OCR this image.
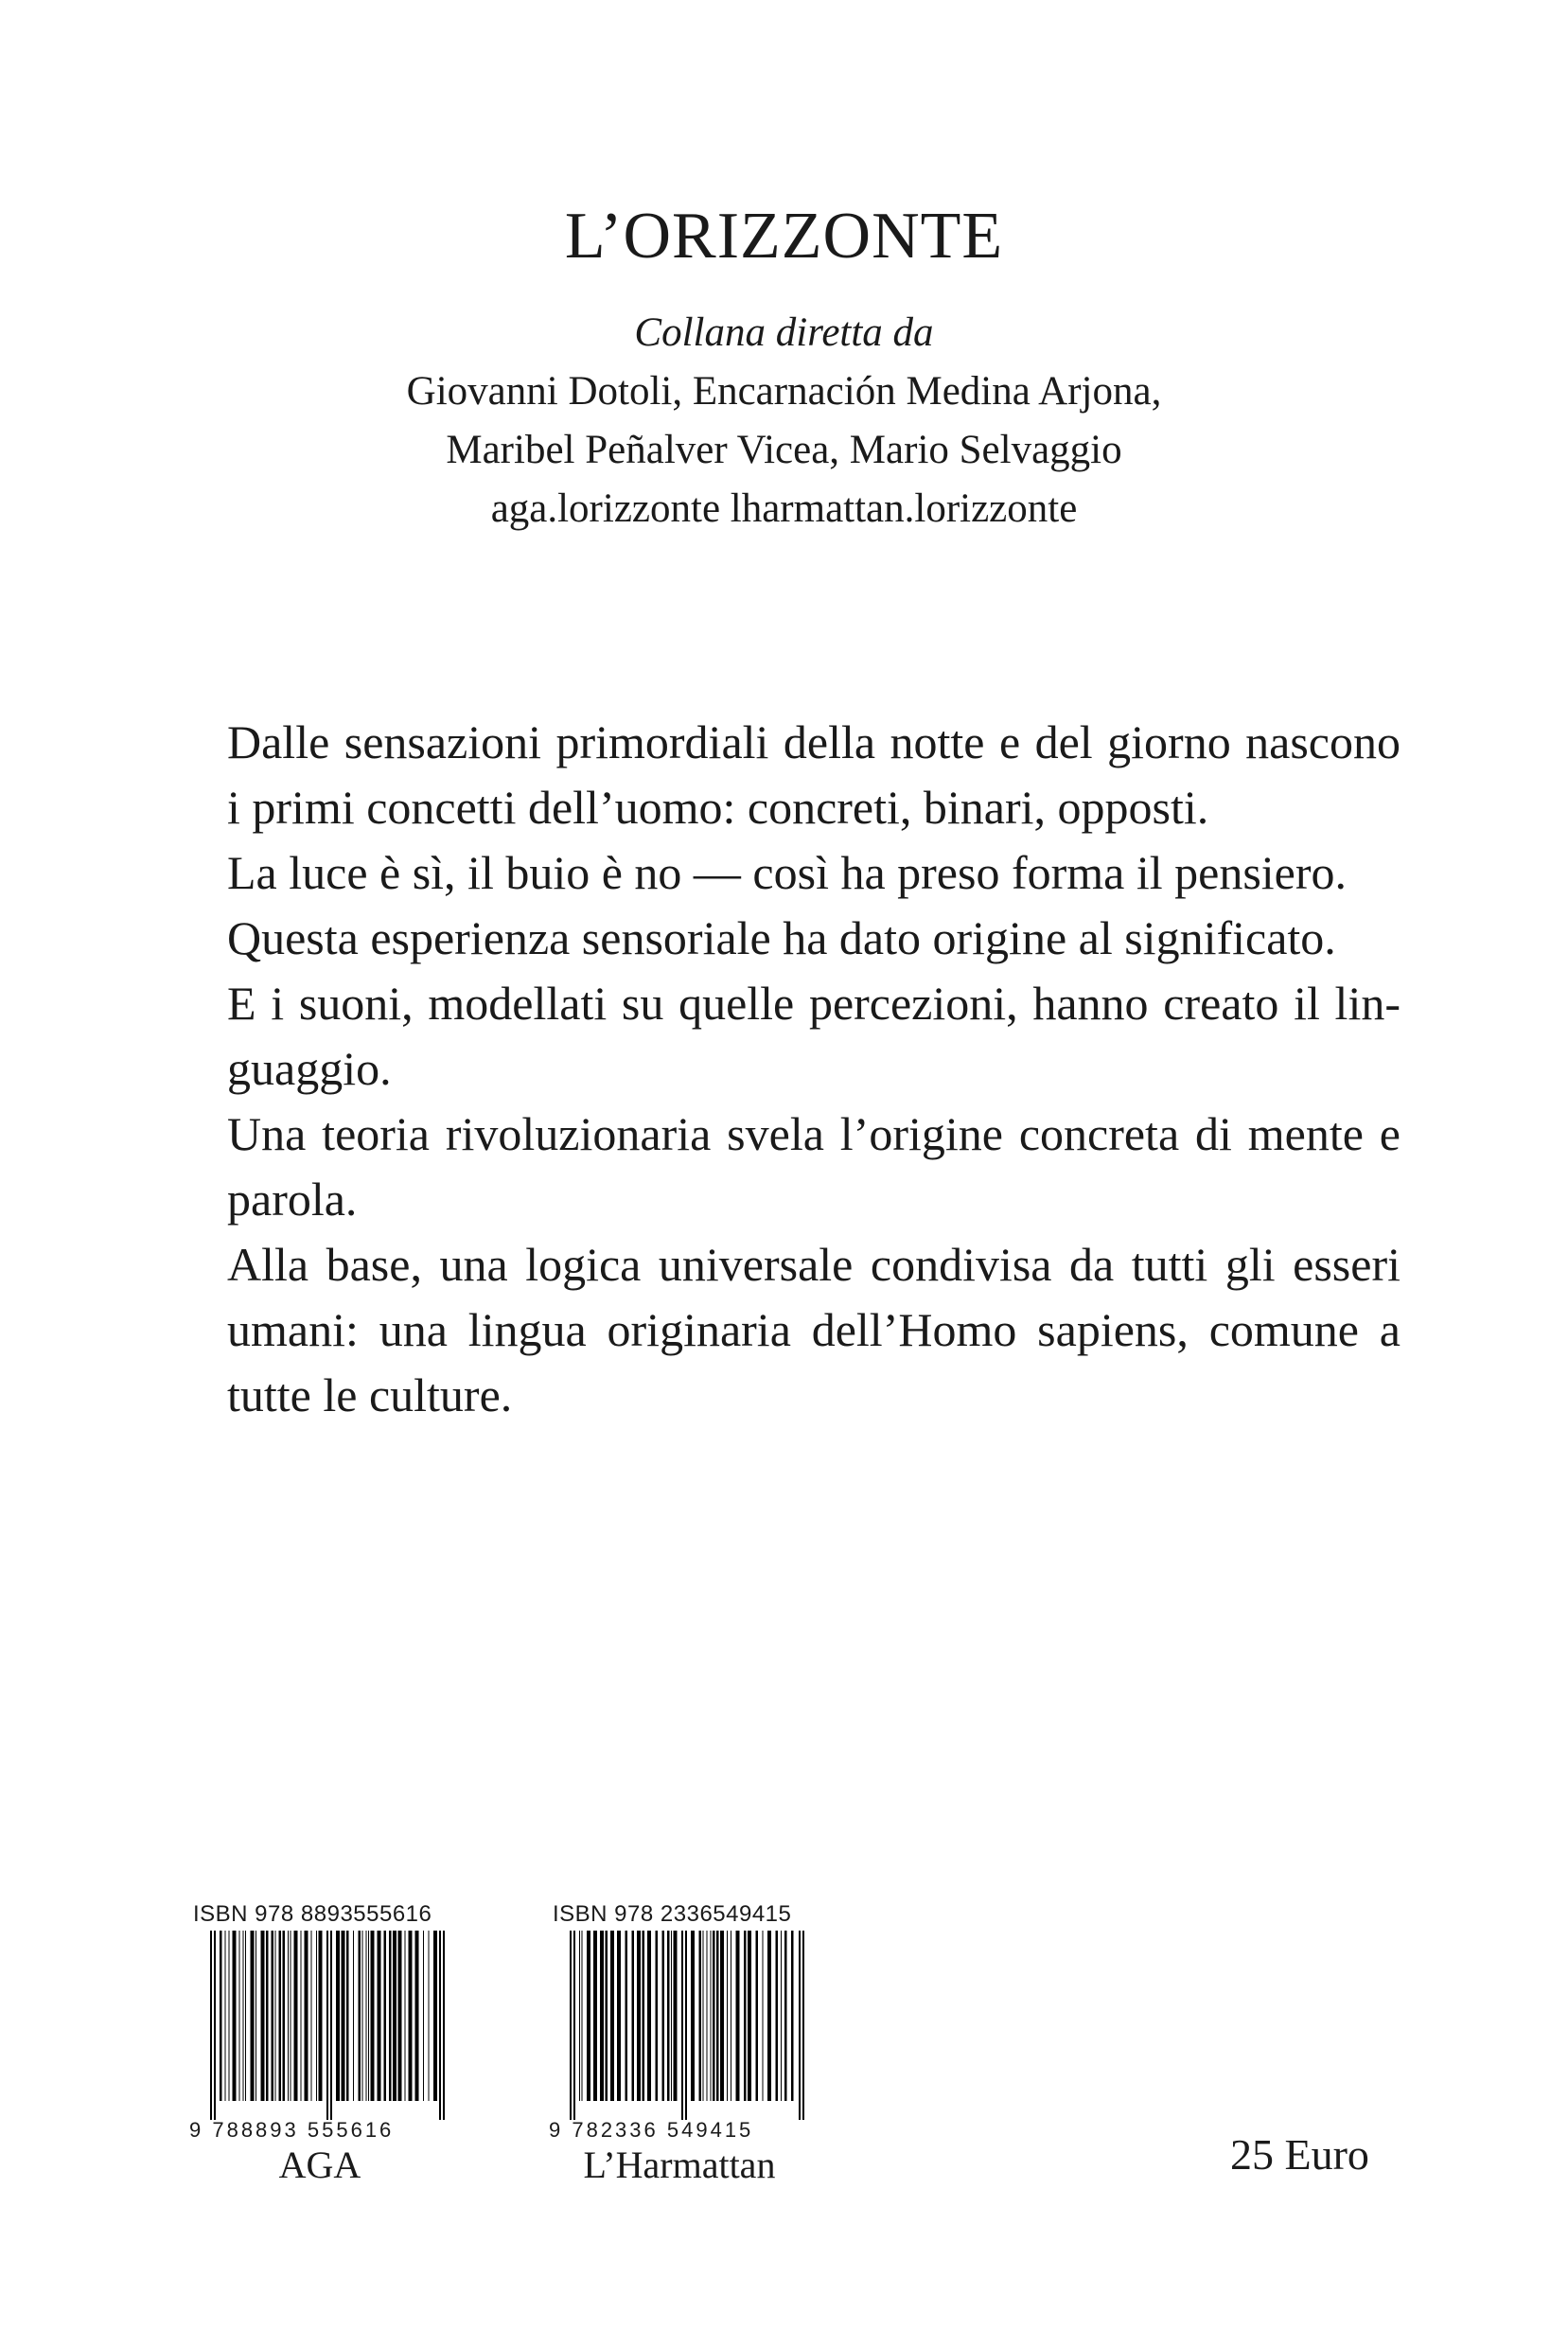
L’ORIZZONTE
Collana diretta da
Giovanni Dotoli, Encarnación Medina Arjona,
Maribel Peñalver Vicea, Mario Selvaggio
aga.lorizzonte lharmattan.lorizzonte

Dalle sensazioni primordiali della notte e del giorno nascono i primi concetti dell’uomo: concreti, binari, opposti.

La luce è sì, il buio è no — così ha preso forma il pensiero.

Questa esperienza sensoriale ha dato origine al significato.

E i suoni, modellati su quelle percezioni, hanno creato il linguaggio.

Una teoria rivoluzionaria svela l’origine concreta di mente e parola.

Alla base, una logica universale condivisa da tutti gli esseri umani: una lingua originaria dell’Homo sapiens, comune a tutte le culture.

ISBN 978 8893555616
9 788893 555616
AGA
ISBN 978 2336549415
9 782336 549415
L’Harmattan	25 Euro
